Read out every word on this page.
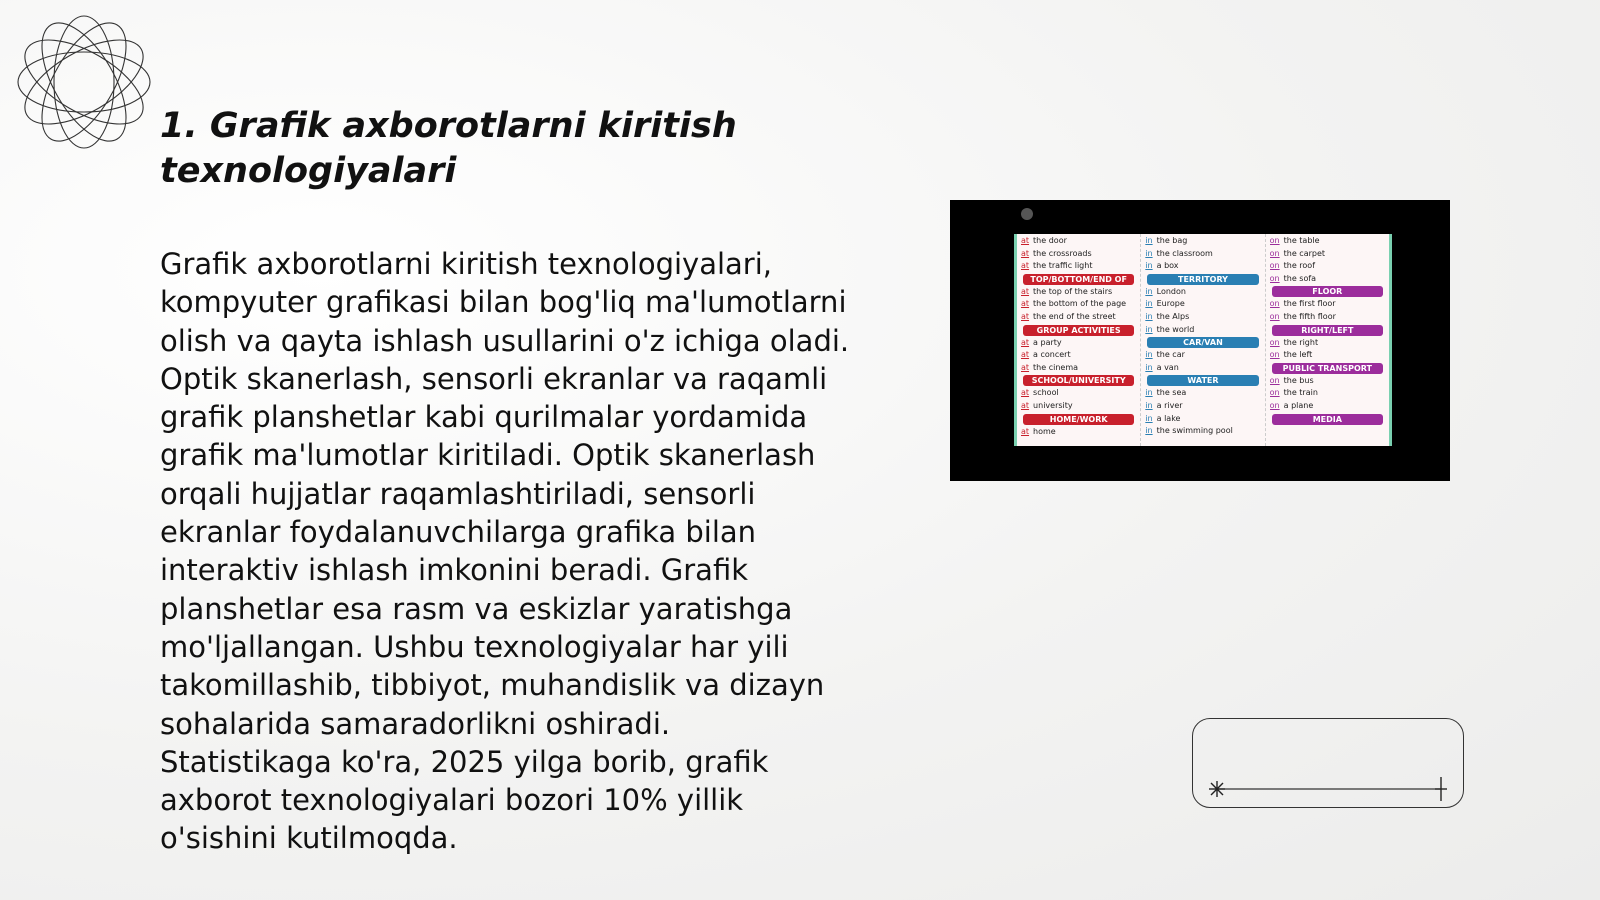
1. Grafik axborotlarni kiritish texnologiyalari
Grafik axborotlarni kiritish texnologiyalari, kompyuter grafikasi bilan bog'liq ma'lumotlarni olish va qayta ishlash usullarini o'z ichiga oladi. Optik skanerlash, sensorli ekranlar va raqamli grafik planshetlar kabi qurilmalar yordamida grafik ma'lumotlar kiritiladi. Optik skanerlash orqali hujjatlar raqamlashtiriladi, sensorli ekranlar foydalanuvchilarga grafika bilan interaktiv ishlash imkonini beradi. Grafik planshetlar esa rasm va eskizlar yaratishga mo'ljallangan. Ushbu texnologiyalar har yili takomillashib, tibbiyot, muhandislik va dizayn sohalarida samaradorlikni oshiradi. Statistikaga ko'ra, 2025 yilga borib, grafik axborot texnologiyalari bozori 10% yillik o'sishini kutilmoqda.
at the door
at the crossroads
at the traffic light
TOP/BOTTOM/END OF
at the top of the stairs
at the bottom of the page
at the end of the street
GROUP ACTIVITIES
at a party
at a concert
at the cinema
SCHOOL/UNIVERSITY
at school
at university
HOME/WORK
at home
in the bag
in the classroom
in a box
TERRITORY
in London
in Europe
in the Alps
in the world
CAR/VAN
in the car
in a van
WATER
in the sea
in a river
in a lake
in the swimming pool
on the table
on the carpet
on the roof
on the sofa
FLOOR
on the first floor
on the fifth floor
RIGHT/LEFT
on the right
on the left
PUBLIC TRANSPORT
on the bus
on the train
on a plane
MEDIA
